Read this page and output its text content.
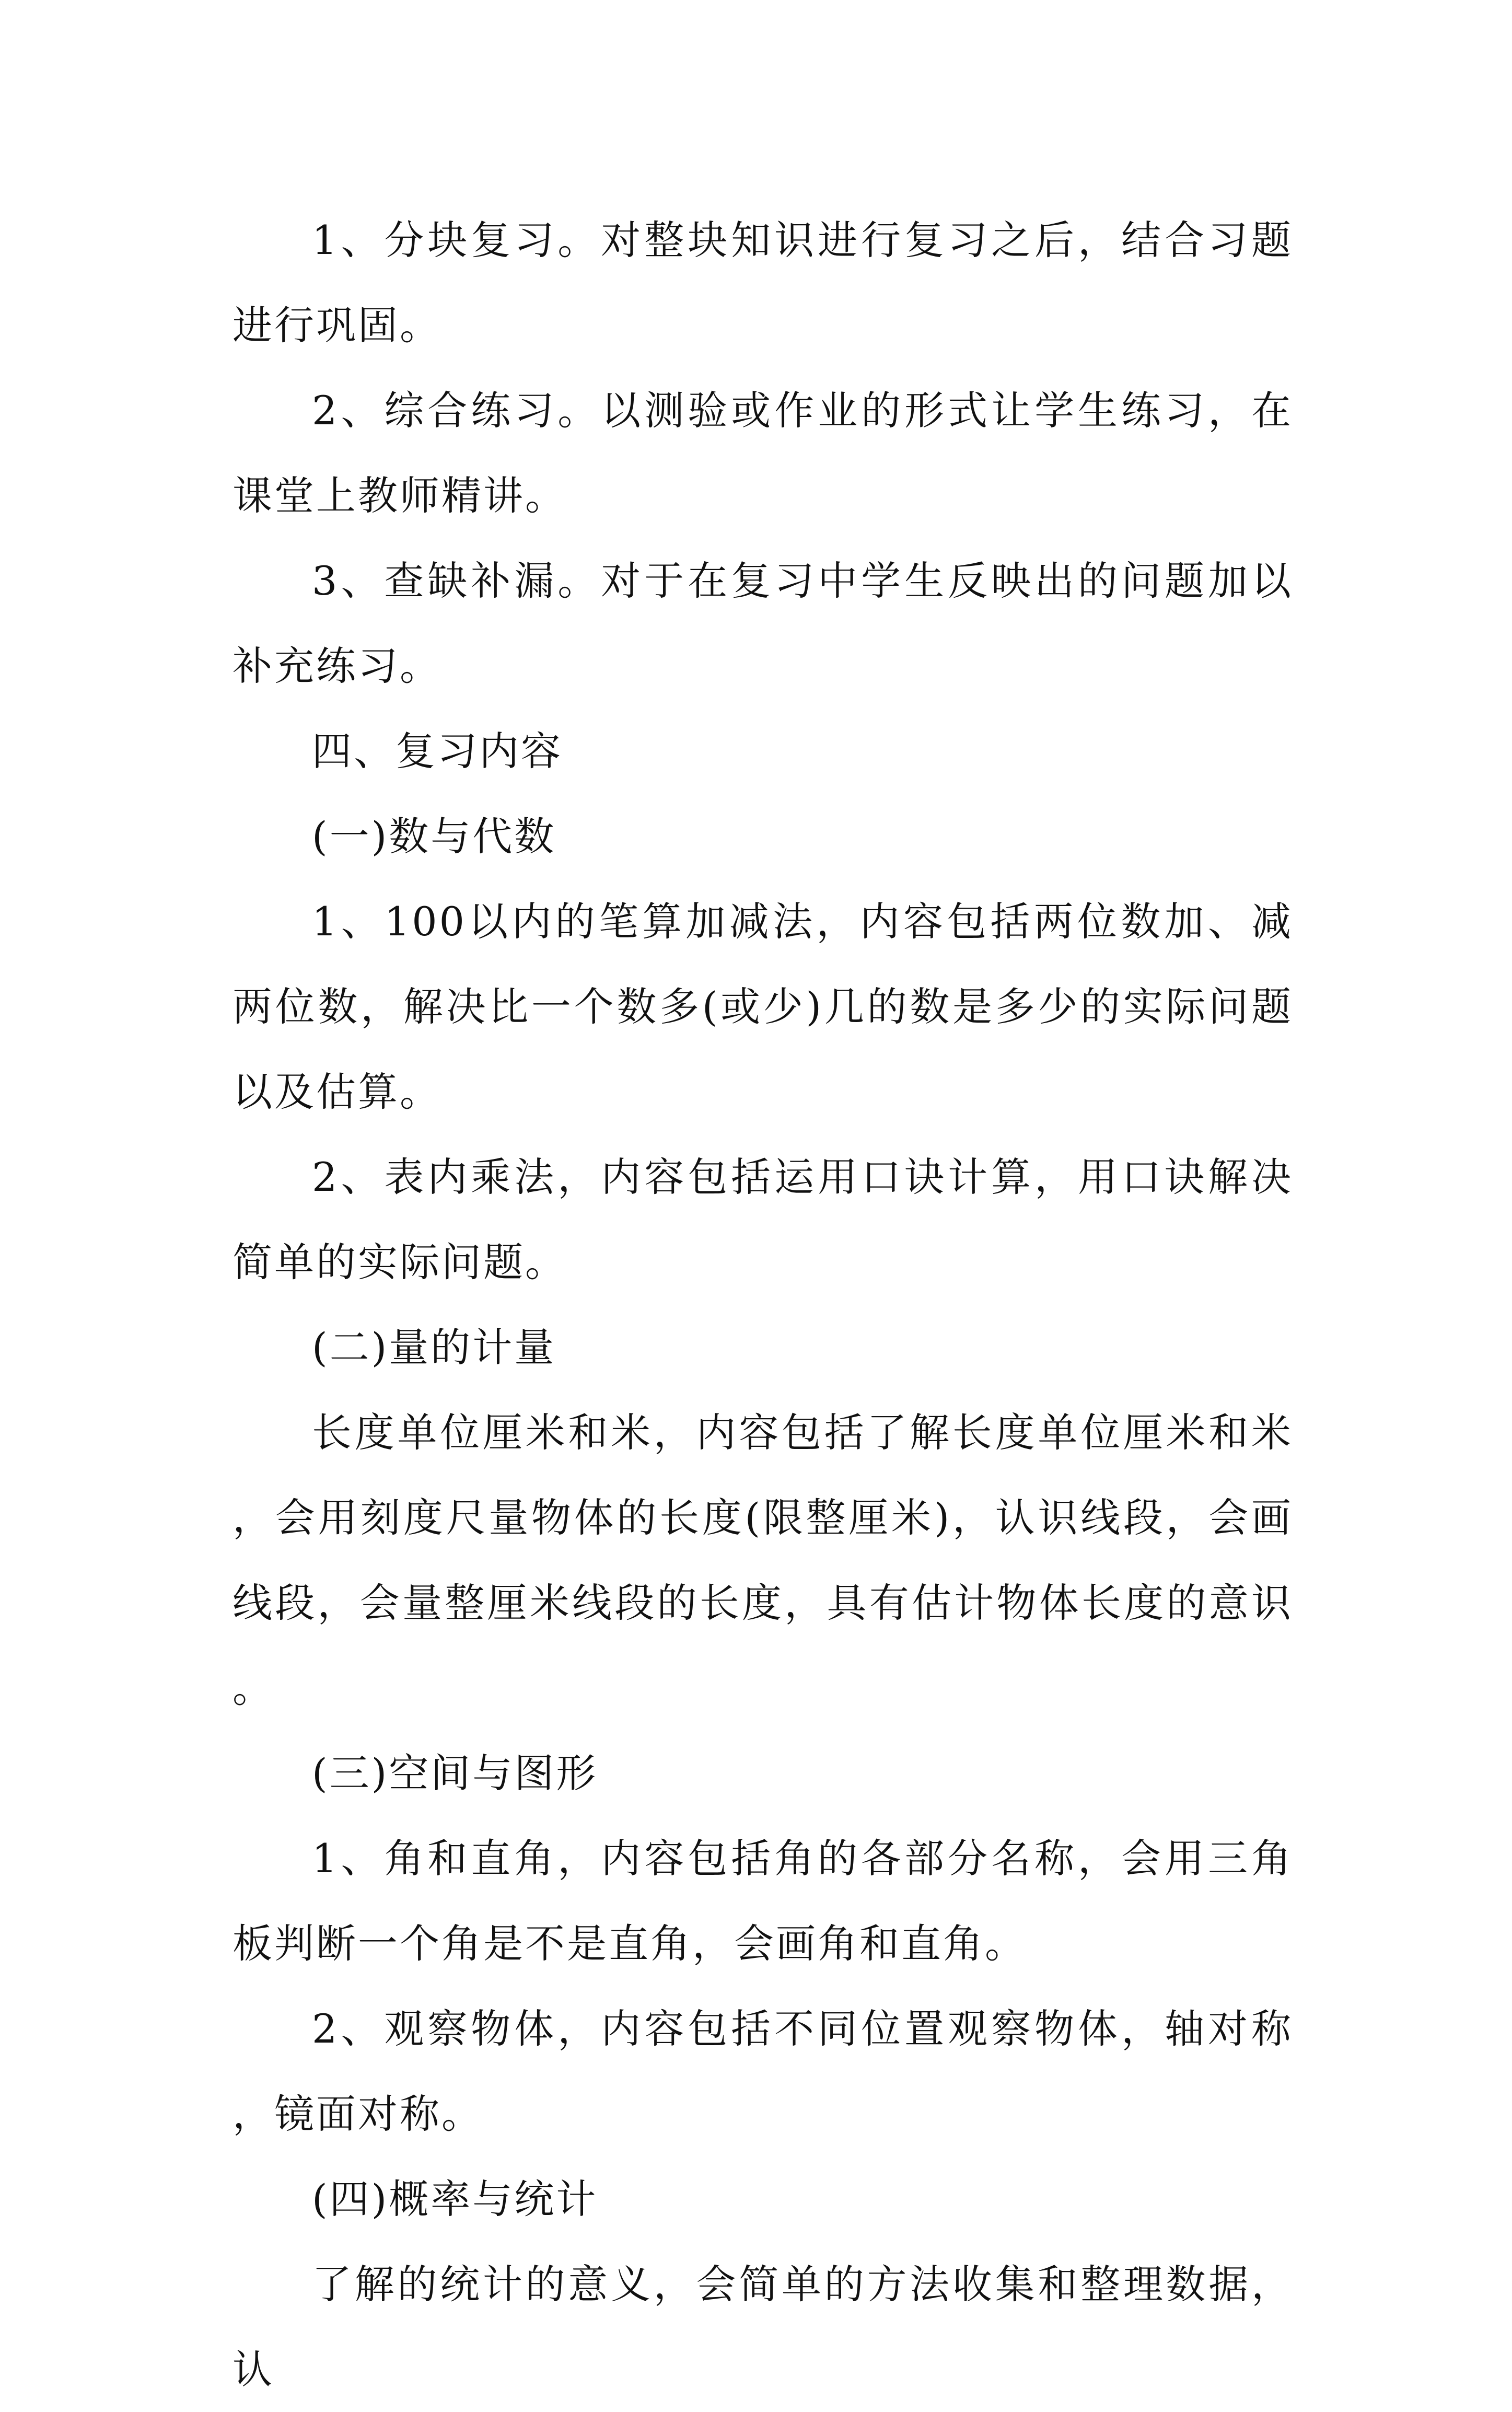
1、分块复习。对整块知识进行复习之后，结合习题进行巩固。

2、综合练习。以测验或作业的形式让学生练习，在课堂上教师精讲。

3、查缺补漏。对于在复习中学生反映出的问题加以补充练习。

四、复习内容

(一)数与代数

1、100以内的笔算加减法，内容包括两位数加、减两位数，解决比一个数多(或少)几的数是多少的实际问题以及估算。

2、表内乘法，内容包括运用口诀计算，用口诀解决简单的实际问题。

(二)量的计量

长度单位厘米和米，内容包括了解长度单位厘米和米，会用刻度尺量物体的长度(限整厘米)，认识线段，会画线段，会量整厘米线段的长度，具有估计物体长度的意识。

(三)空间与图形

1、角和直角，内容包括角的各部分名称，会用三角板判断一个角是不是直角，会画角和直角。

2、观察物体，内容包括不同位置观察物体，轴对称，镜面对称。

(四)概率与统计

了解的统计的意义，会简单的方法收集和整理数据，认
